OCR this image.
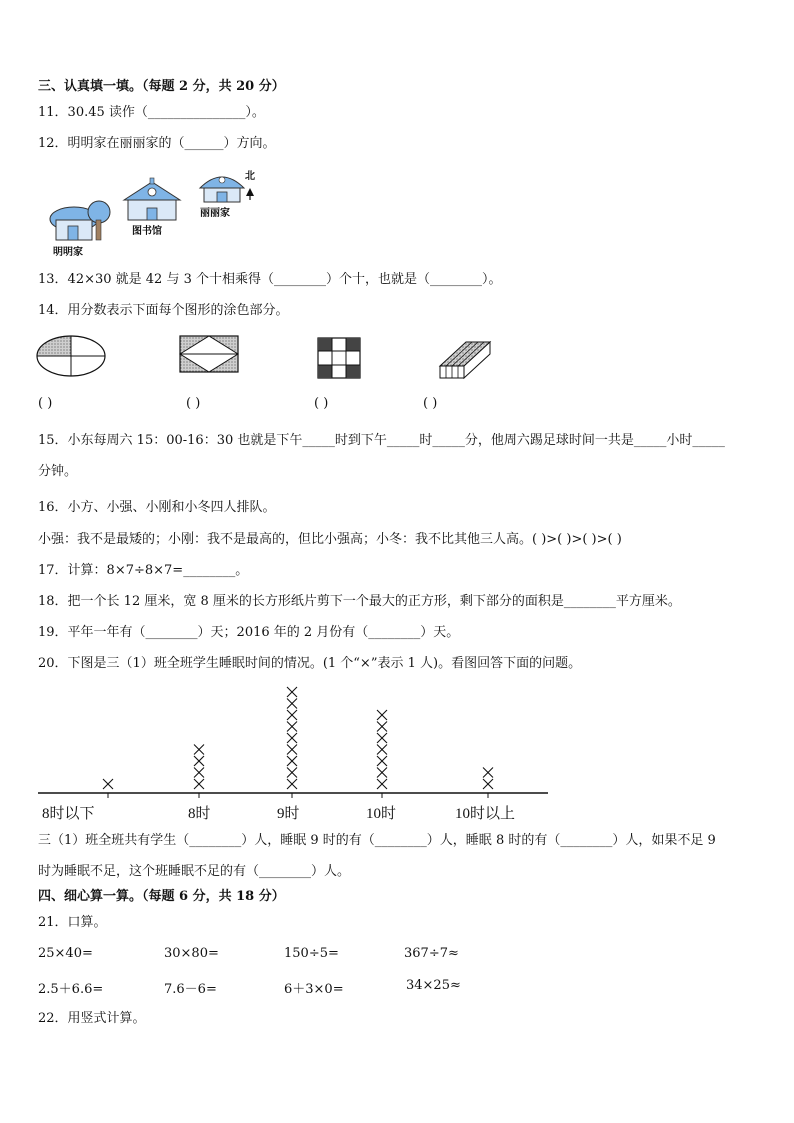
三、认真填一填。（每题 2 分，共 20 分）
11．30.45 读作（_______________）。
12．明明家在丽丽家的（______）方向。
明明家
图书馆
丽丽家
北
13．42×30 就是 42 与 3 个十相乘得（________）个十，也就是（________）。
14．用分数表示下面每个图形的涂色部分。
( )	( )	( )	( )
15．小东每周六 15：00-16：30 也就是下午_____时到下午_____时_____分，他周六踢足球时间一共是_____小时_____
分钟。
16．小方、小强、小刚和小冬四人排队。
小强：我不是最矮的；小刚：我不是最高的，但比小强高；小冬：我不比其他三人高。( )>( )>( )>( )
17．计算：8×7÷8×7=________。
18．把一个长 12 厘米，宽 8 厘米的长方形纸片剪下一个最大的正方形，剩下部分的面积是________平方厘米。
19．平年一年有（________）天；2016 年的 2 月份有（________）天。
20．下图是三（1）班全班学生睡眠时间的情况。(1 个“×”表示 1 人)。看图回答下面的问题。
三（1）班全班共有学生（________）人，睡眠 9 时的有（________）人，睡眠 8 时的有（________）人，如果不足 9
时为睡眠不足，这个班睡眠不足的有（________）人。
四、细心算一算。（每题 6 分，共 18 分）
21．口算。
25×40=	30×80=	150÷5=	367÷7≈
2.5＋6.6=	7.6－6=	6＋3×0=	34×25≈
22．用竖式计算。
8时以下	8时	9时	10时	10时以上
